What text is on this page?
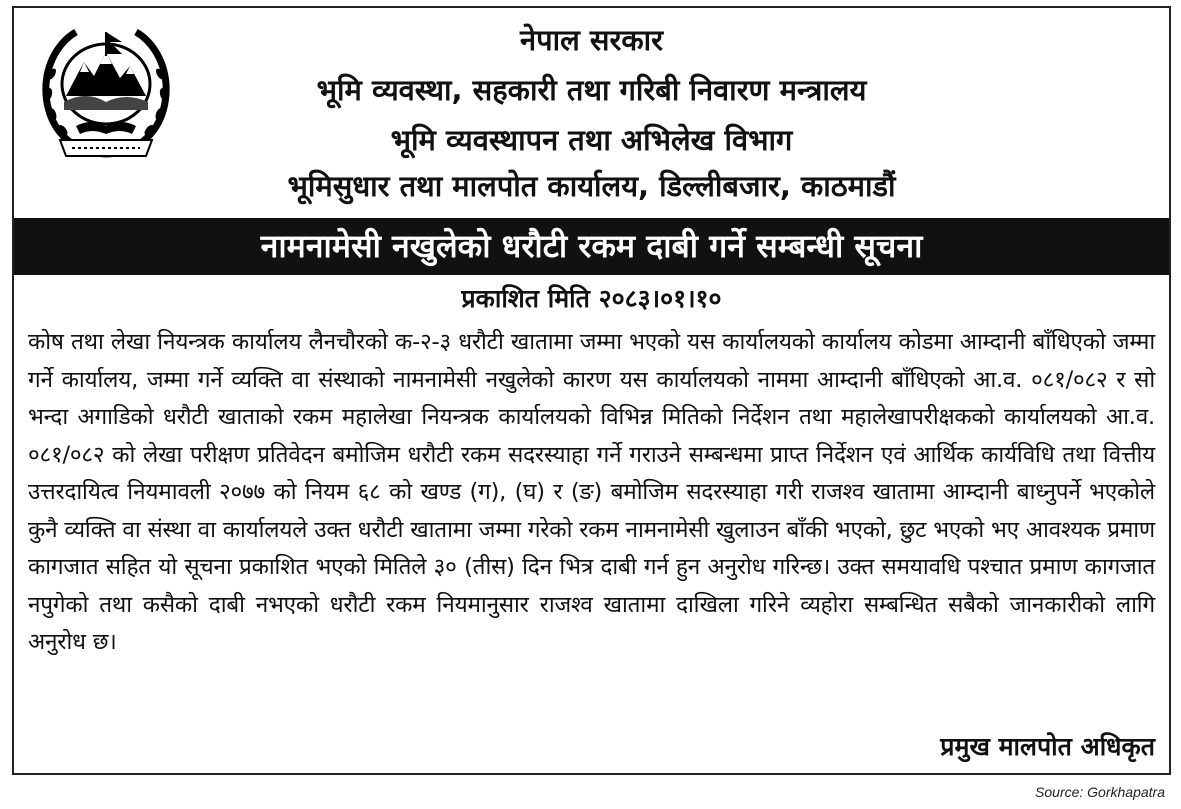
नेपाल सरकार
भूमि व्यवस्था, सहकारी तथा गरिबी निवारण मन्त्रालय
भूमि व्यवस्थापन तथा अभिलेख विभाग
भूमिसुधार तथा मालपोत कार्यालय, डिल्लीबजार, काठमाडौं
नामनामेसी नखुलेको धरौटी रकम दाबी गर्ने सम्बन्धी सूचना
प्रकाशित मिति २०८३।०१।१०

कोष तथा लेखा नियन्त्रक कार्यालय लैनचौरको क-२-३ धरौटी खातामा जम्मा भएको यस कार्यालयको कार्यालय कोडमा आम्दानी बाँधिएको जम्मा गर्ने कार्यालय, जम्मा गर्ने व्यक्ति वा संस्थाको नामनामेसी नखुलेको कारण यस कार्यालयको नाममा आम्दानी बाँधिएको आ.व. ०८१/०८२ र सो भन्दा अगाडिको धरौटी खाताको रकम महालेखा नियन्त्रक कार्यालयको विभिन्न मितिको निर्देशन तथा महालेखापरीक्षकको कार्यालयको आ.व. ०८१/०८२ को लेखा परीक्षण प्रतिवेदन बमोजिम धरौटी रकम सदरस्याहा गर्ने गराउने सम्बन्धमा प्राप्त निर्देशन एवं आर्थिक कार्यविधि तथा वित्तीय उत्तरदायित्व नियमावली २०७७ को नियम ६८ को खण्ड (ग), (घ) र (ङ) बमोजिम सदरस्याहा गरी राजश्व खातामा आम्दानी बाध्नुपर्ने भएकोले कुनै व्यक्ति वा संस्था वा कार्यालयले उक्त धरौटी खातामा जम्मा गरेको रकम नामनामेसी खुलाउन बाँकी भएको, छुट भएको भए आवश्यक प्रमाण कागजात सहित यो सूचना प्रकाशित भएको मितिले ३० (तीस) दिन भित्र दाबी गर्न हुन अनुरोध गरिन्छ। उक्त समयावधि पश्चात प्रमाण कागजात नपुगेको तथा कसैको दाबी नभएको धरौटी रकम नियमानुसार राजश्व खातामा दाखिला गरिने व्यहोरा सम्बन्धित सबैको जानकारीको लागि अनुरोध छ।

प्रमुख मालपोत अधिकृत
Source: Gorkhapatra
